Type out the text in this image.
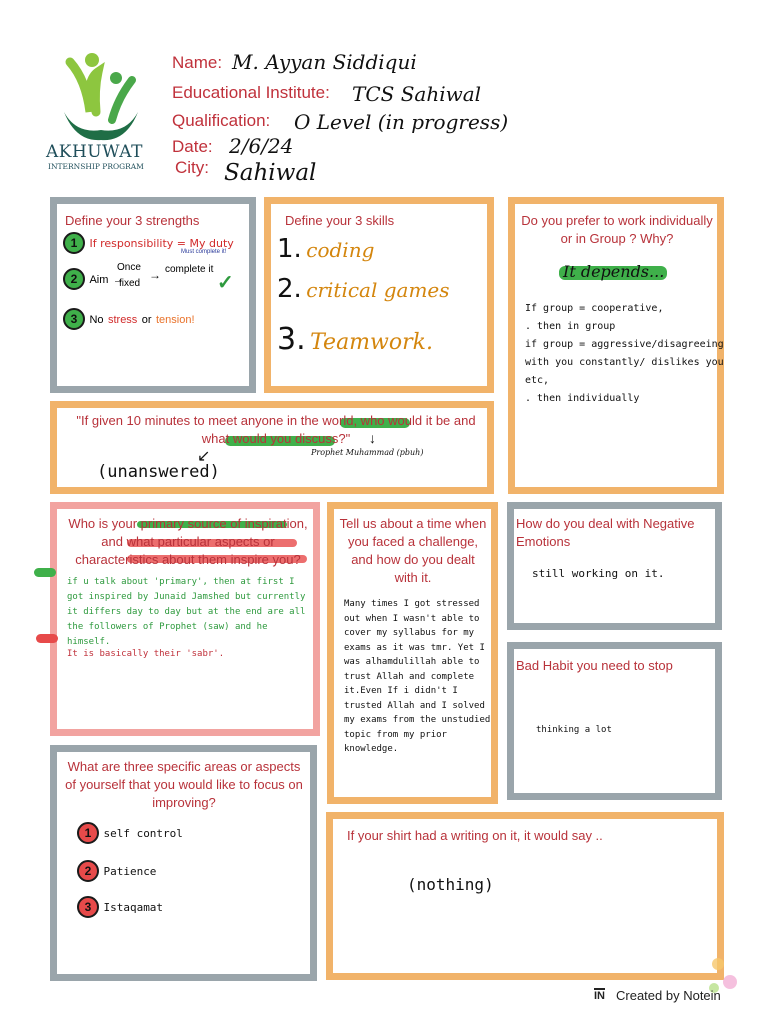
AKHUWAT
INTERNSHIP PROGRAM
Name: M. Ayyan Siddiqui
Educational Institute: TCS Sahiwal
Qualification: O Level (in progress)
Date: 2/6/24
City: Sahiwal
Define your 3 strengths
1 If responsibility = My duty
Must complete it!
2 Aim →
Once
fixed
→ complete it
✓
3 No stress or tension!
Define your 3 skills
1. coding
2. critical games
3. Teamwork.
Do you prefer to work individually or in Group ? Why?
It depends...
If group = cooperative,
. then in group
if group = aggressive/disagreeing
with you constantly/ dislikes you
etc,
. then individually
"If given 10 minutes to meet anyone in the world, who would it be and what would you discuss?"	↓
Prophet Muhammad (pbuh)
↙
(unanswered)
Who is your primary source of inspiration, and what particular aspects or characteristics about them inspire you?
if u talk about 'primary', then at first I got inspired by Junaid Jamshed but currently it differs day to day but at the end are all the followers of Prophet (saw) and he himself.
It is basically their 'sabr'.
Tell us about a time when you faced a challenge, and how do you dealt with it.
Many times I got stressed out when I wasn't able to cover my syllabus for my exams as it was tmr. Yet I was alhamdulillah able to trust Allah and complete it.Even If i didn't I trusted Allah and I solved my exams from the unstudied topic from my prior knowledge.
How do you deal with Negative Emotions
still working on it.
Bad Habit you need to stop
thinking a lot
What are three specific areas or aspects of yourself that you would like to focus on improving?
1 self control
2 Patience
3 Istaqamat
If your shirt had a writing on it, it would say ..
(nothing)
IN Created by Notein
